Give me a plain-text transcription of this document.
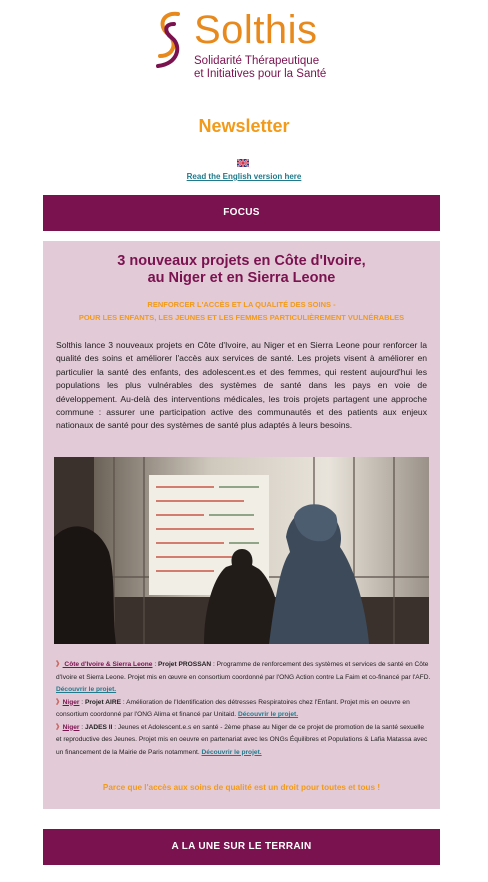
Solthis
Solidarité Thérapeutique
et Initiatives pour la Santé
Newsletter
Read the English version here
FOCUS
3 nouveaux projets en Côte d'Ivoire,
au Niger et en Sierra Leone
RENFORCER L'ACCÈS ET LA QUALITÉ DES SOINS -
POUR LES ENFANTS, LES JEUNES ET LES FEMMES PARTICULIÈREMENT VULNÉRABLES
Solthis lance 3 nouveaux projets en Côte d'Ivoire, au Niger et en Sierra Leone pour renforcer la qualité des soins et améliorer l'accès aux services de santé. Les projets visent à améliorer en particulier la santé des enfants, des adolescent.es et des femmes, qui restent aujourd'hui les populations les plus vulnérables des systèmes de santé dans les pays en voie de développement. Au-delà des interventions médicales, les trois projets partagent une approche commune : assurer une participation active des communautés et des patients aux enjeux nationaux de santé pour des systèmes de santé plus adaptés à leurs besoins.

》 Côte d'Ivoire & Sierra Leone : Projet PROSSAN : Programme de renforcement des systèmes et services de santé en Côte d'Ivoire et Sierra Leone. Projet mis en œuvre en consortium coordonné par l'ONG Action contre La Faim et co-financé par l'AFD. Découvrir le projet.

》Niger : Projet AIRE : Amélioration de l'Identification des détresses Respiratoires chez l'Enfant. Projet mis en oeuvre en consortium coordonné par l'ONG Alima et financé par Unitaid. Découvrir le projet.

》Niger : JADES II : Jeunes et Adolescent.e.s en santé - 2ème phase au Niger de ce projet de promotion de la santé sexuelle et reproductive des Jeunes. Projet mis en oeuvre en partenariat avec les ONGs Équilibres et Populations & Lafia Matassa avec un financement de la Mairie de Paris notamment. Découvrir le projet.

Parce que l'accès aux soins de qualité est un droit pour toutes et tous !
A LA UNE SUR LE TERRAIN
